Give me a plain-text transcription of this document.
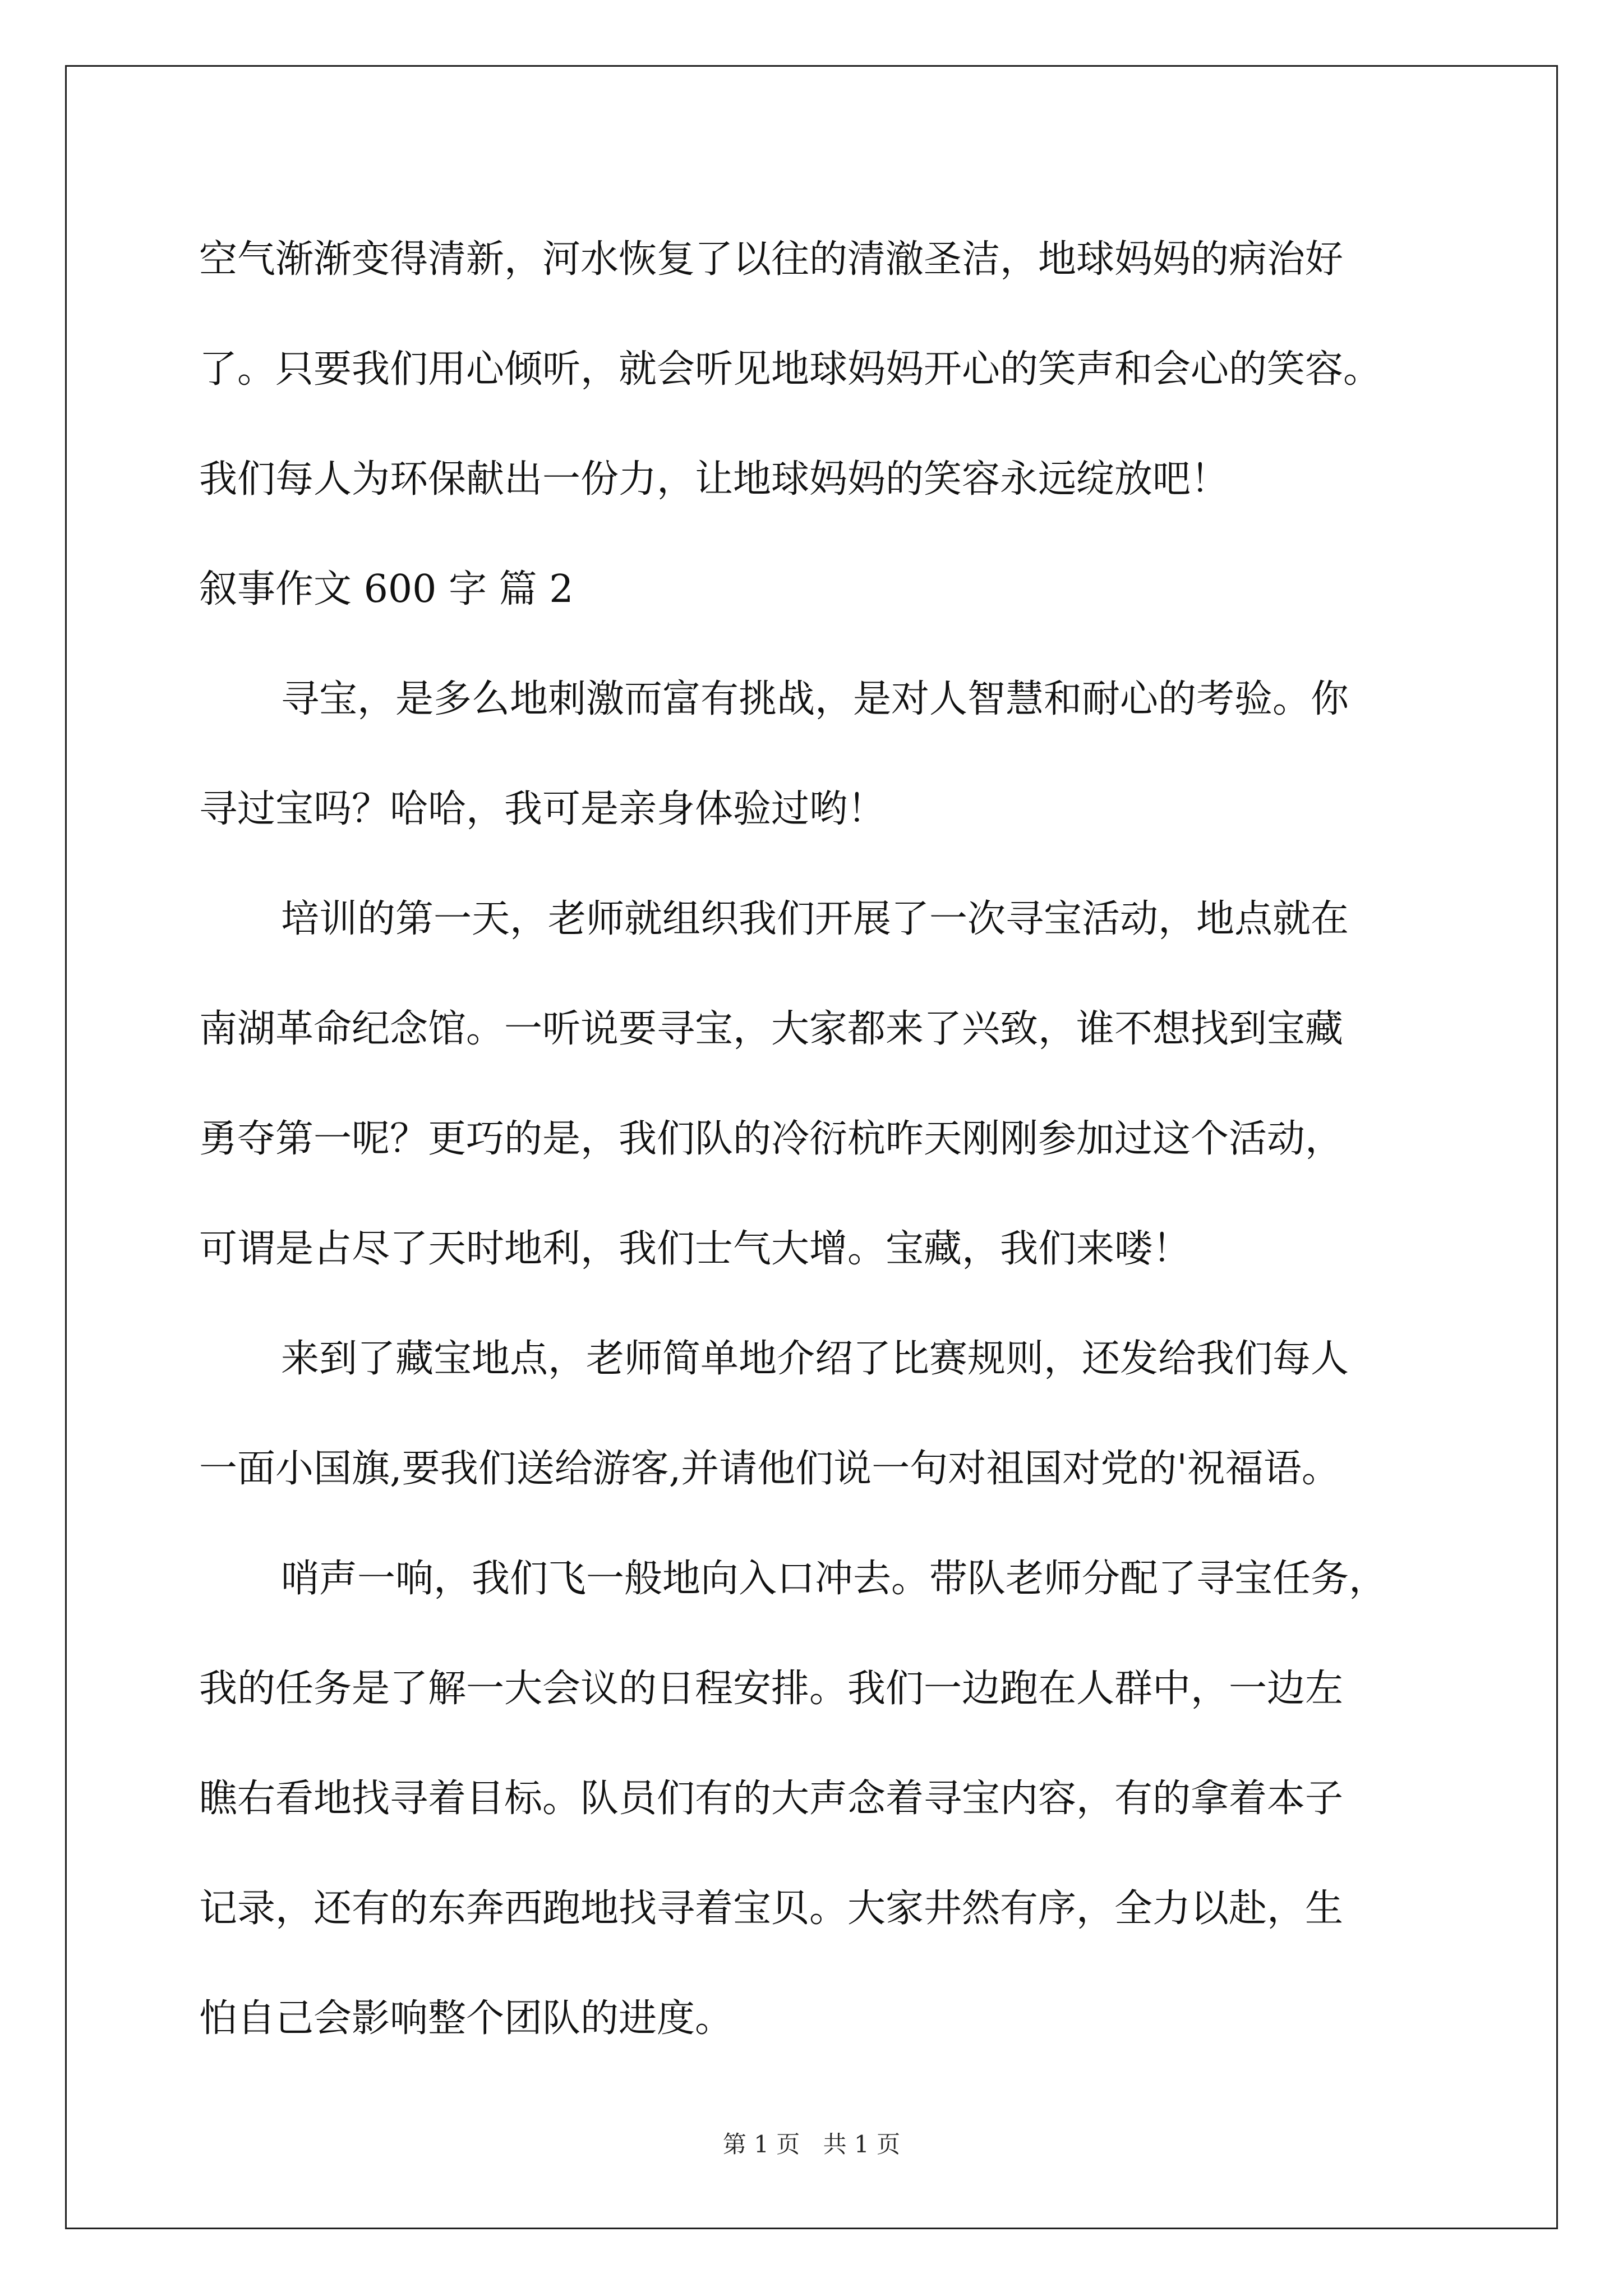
空气渐渐变得清新，河水恢复了以往的清澈圣洁，地球妈妈的病治好
了。只要我们用心倾听，就会听见地球妈妈开心的笑声和会心的笑容。
我们每人为环保献出一份力，让地球妈妈的笑容永远绽放吧！
叙事作文 600 字 篇 2
寻宝，是多么地刺激而富有挑战，是对人智慧和耐心的考验。你
寻过宝吗？哈哈，我可是亲身体验过哟！
培训的第一天，老师就组织我们开展了一次寻宝活动，地点就在
南湖革命纪念馆。一听说要寻宝，大家都来了兴致，谁不想找到宝藏
勇夺第一呢？更巧的是，我们队的冷衍杭昨天刚刚参加过这个活动，
可谓是占尽了天时地利，我们士气大增。宝藏，我们来喽！
来到了藏宝地点，老师简单地介绍了比赛规则，还发给我们每人
一面小国旗,要我们送给游客,并请他们说一句对祖国对党的'祝福语。
哨声一响，我们飞一般地向入口冲去。带队老师分配了寻宝任务，
我的任务是了解一大会议的日程安排。我们一边跑在人群中，一边左
瞧右看地找寻着目标。队员们有的大声念着寻宝内容，有的拿着本子
记录，还有的东奔西跑地找寻着宝贝。大家井然有序，全力以赴，生
怕自己会影响整个团队的进度。
第 1 页 共 1 页
